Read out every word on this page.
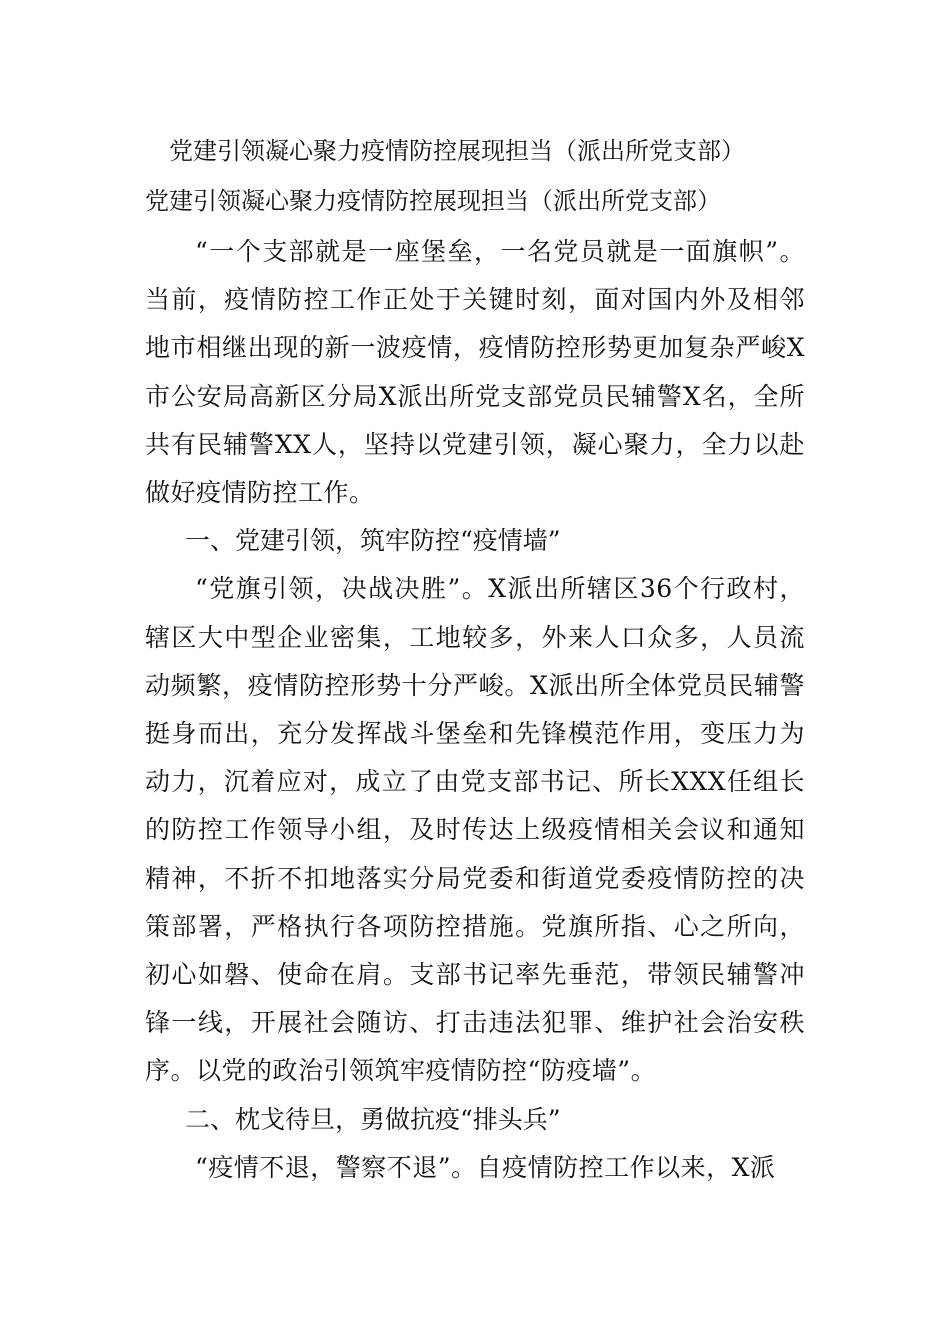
党建引领凝心聚力疫情防控展现担当（派出所党支部）
党建引领凝心聚力疫情防控展现担当（派出所党支部）

“一个支部就是一座堡垒，一名党员就是一面旗帜”。当前，疫情防控工作正处于关键时刻，面对国内外及相邻地市相继出现的新一波疫情，疫情防控形势更加复杂严峻X市公安局高新区分局X派出所党支部党员民辅警X名，全所共有民辅警XX人，坚持以党建引领，凝心聚力，全力以赴做好疫情防控工作。

一、党建引领，筑牢防控“疫情墙”

“党旗引领，决战决胜”。X派出所辖区36个行政村，辖区大中型企业密集，工地较多，外来人口众多，人员流动频繁，疫情防控形势十分严峻。X派出所全体党员民辅警挺身而出，充分发挥战斗堡垒和先锋模范作用，变压力为动力，沉着应对，成立了由党支部书记、所长XXX任组长的防控工作领导小组，及时传达上级疫情相关会议和通知精神，不折不扣地落实分局党委和街道党委疫情防控的决策部署，严格执行各项防控措施。党旗所指、心之所向，初心如磐、使命在肩。支部书记率先垂范，带领民辅警冲锋一线，开展社会随访、打击违法犯罪、维护社会治安秩序。以党的政治引领筑牢疫情防控“防疫墙”。

二、枕戈待旦，勇做抗疫“排头兵”

“疫情不退，警察不退”。自疫情防控工作以来，X派
